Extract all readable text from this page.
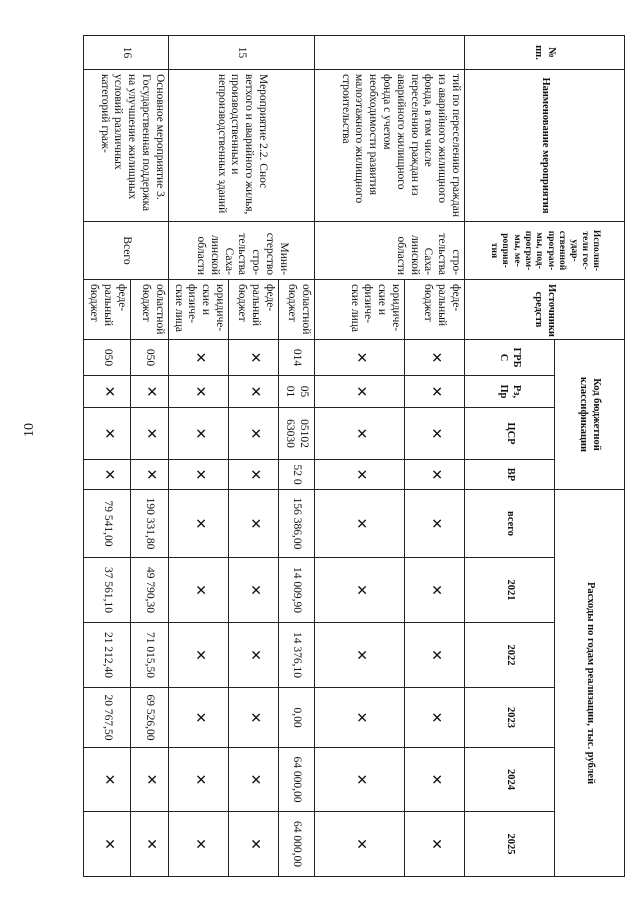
10
№ пп.	Наименование мероприятия	Исполни-тели гос-удар-ственной програм-мы, под-програм-мы, ме-роприя-тия	Источники средств	Код бюджетной классификации				Расходы по годам реализации, тыс. рублей					
				ГРБ С	Рз, Пр	ЦСР	ВР	всего	2021	2022	2023	2024	2025
	тий по переселению граждан из аварийного жилищного фонда, в том числе переселению граждан из аварийного жилищного фонда с учетом необходимости развития малоэтажного жилищного строительства	стро-тельства Саха-линской области	феде-ральный бюджет	✕	✕	✕	✕	✕	✕	✕	✕	✕	✕
			юридиче-ские и физиче-ские лица	✕	✕	✕	✕	✕	✕	✕	✕	✕	✕
15	Мероприятие 2.2. Снос ветхого и аварийного жилья, производственных и непроизводственных зданий	Мини-стерство стро-тельства Саха-линской области	областной бюджет	014	05 01	05102 63030	52 0	156 386,00	14 009,90	14 376,10	0,00	64 000,00	64 000,00
			феде-ральный бюджет	✕	✕	✕	✕	✕	✕	✕	✕	✕	✕
			юридиче-ские и физиче-ские лица	✕	✕	✕	✕	✕	✕	✕	✕	✕	✕
16	Основное мероприятие 3. Государственная поддержка на улучшение жилищных условий различных категорий граж-	Всего	областной бюджет	050	✕	✕	✕	190 331,80	49 790,30	71 015,50	69 526,00	✕	✕
			феде-ральный бюджет	050	✕	✕	✕	79 541,00	37 561,10	21 212,40	20 767,50	✕	✕
